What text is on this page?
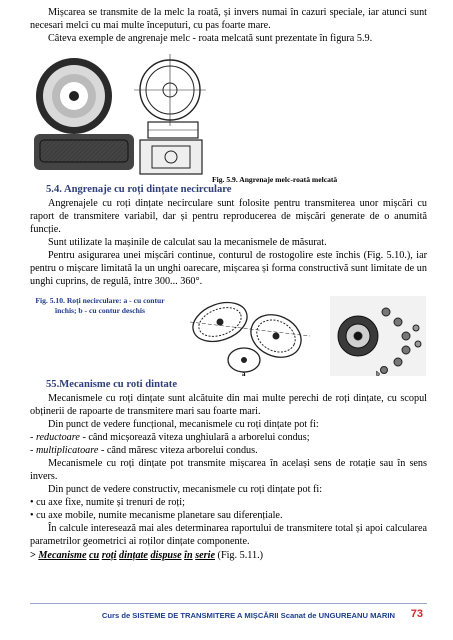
Mișcarea se transmite de la melc la roată, și invers numai în cazuri speciale, iar atunci sunt necesari melci cu mai multe începuturi, cu pas foarte mare.

Câteva exemple de angrenaje melc - roata melcată sunt prezentate în figura 5.9.

Fig. 5.9. Angrenaje melc-roată melcată

5.4. Angrenaje cu roți dințate necirculare

Angrenajele cu roți dințate necirculare sunt folosite pentru transmiterea unor mișcări cu raport de transmitere variabil, dar și pentru reproducerea de mișcări generate de o anumită funcție.

Sunt utilizate la mașinile de calculat sau la mecanismele de măsurat.

Pentru asigurarea unei mișcări continue, conturul de rostogolire este închis (Fig. 5.10.), iar pentru o mișcare limitată la un unghi oarecare, mișcarea și forma constructivă sunt limitate de un unghi cuprins, de regulă, între 300... 360°.

Fig. 5.10. Roți necirculare: a - cu contur închis; b - cu contur deschis

a	b

55.Mecanisme cu roti dintate

Mecanismele cu roți dințate sunt alcătuite din mai multe perechi de roți dințate, cu scopul obținerii de rapoarte de transmitere mari sau foarte mari.

Din punct de vedere funcțional, mecanismele cu roți dințate pot fi:

- reductoare - când micșorează viteza unghiulară a arborelui condus;

- multiplicatoare - când măresc viteza arborelui condus.

Mecanismele cu roți dințate pot transmite mișcarea în același sens de rotație sau în sens invers.

Din punct de vedere constructiv, mecanismele cu roți dințate pot fi:

• cu axe fixe, numite și trenuri de roți;

• cu axe mobile, numite mecanisme planetare sau diferențiale.

În calcule interesează mai ales determinarea raportului de transmitere total și apoi calcularea parametrilor geometrici ai roților dințate componente.

> Mecanisme cu roți dințate dispuse în serie (Fig. 5.11.)

Curs de SISTEME DE TRANSMITERE A MIȘCĂRII Scanat de UNGUREANU MARIN 73
